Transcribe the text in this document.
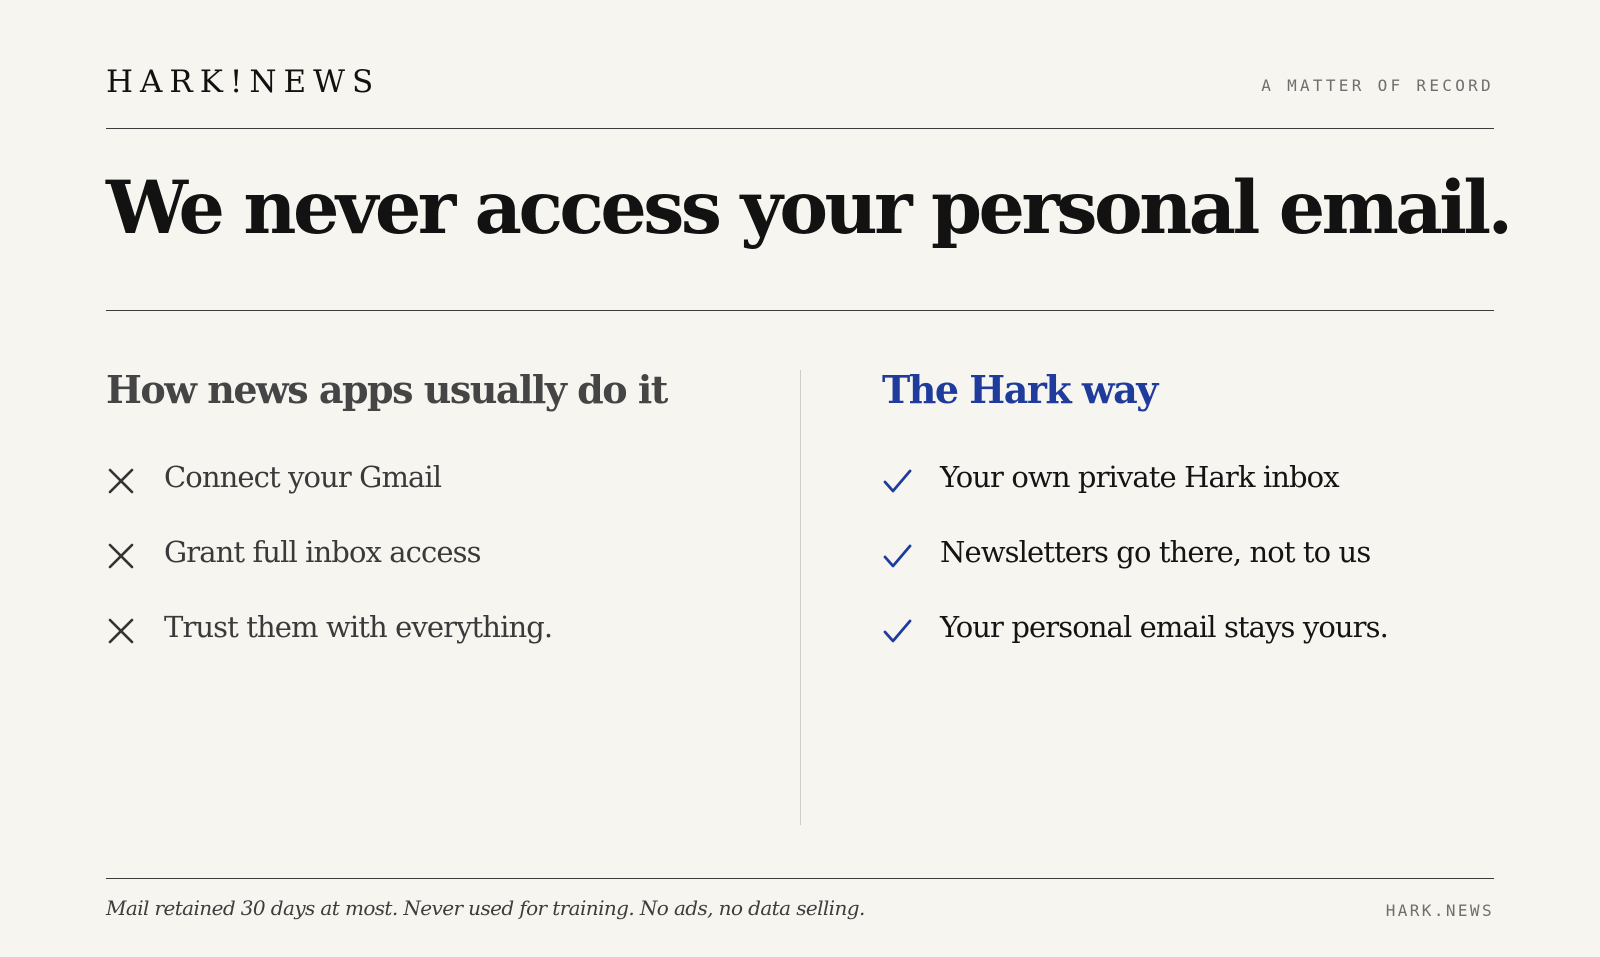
HARK!NEWS	A MATTER OF RECORD
We never access your personal email.
How news apps usually do it
Connect your Gmail
Grant full inbox access
Trust them with everything.
The Hark way
Your own private Hark inbox
Newsletters go there, not to us
Your personal email stays yours.
Mail retained 30 days at most. Never used for training. No ads, no data selling.	HARK.NEWS
